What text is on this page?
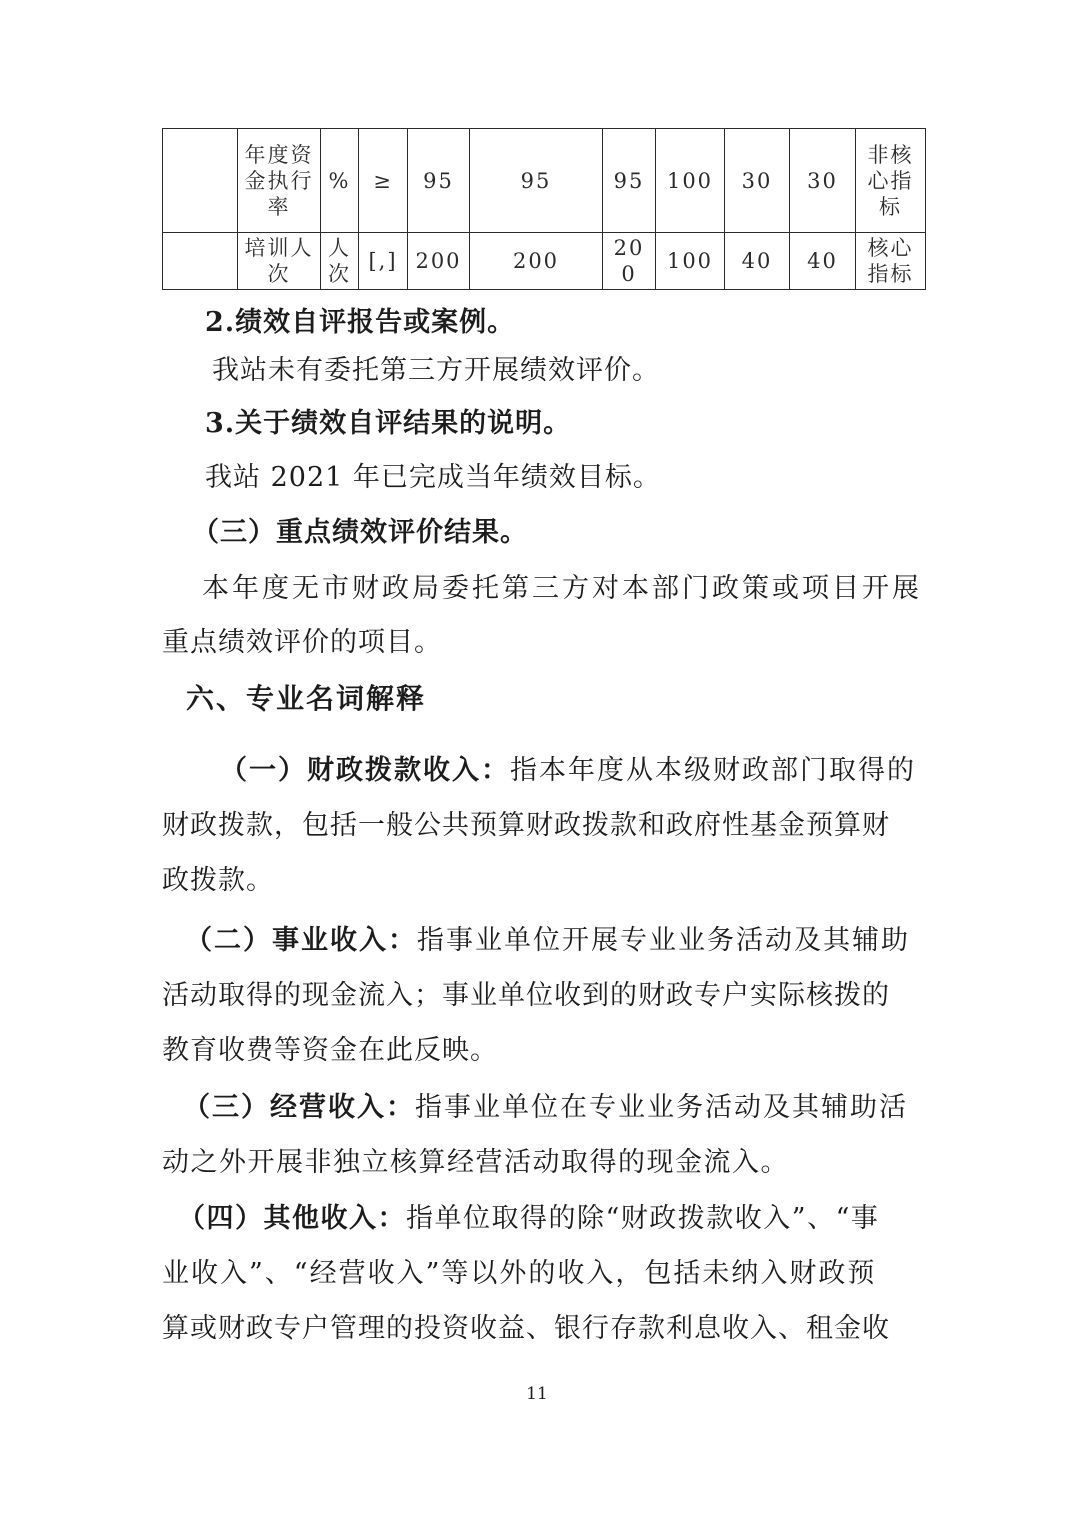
	年度资金执行率	%	≥	95	95	95	100	30	30	非核心指标
	培训人次	人次	[,]	200	200	200	100	40	40	核心指标
2.绩效自评报告或案例。
我站未有委托第三方开展绩效评价。
3.关于绩效自评结果的说明。
我站 2021 年已完成当年绩效目标。
（三）重点绩效评价结果。
本年度无市财政局委托第三方对本部门政策或项目开展
重点绩效评价的项目。
六、专业名词解释
（一）财政拨款收入：指本年度从本级财政部门取得的
财政拨款，包括一般公共预算财政拨款和政府性基金预算财
政拨款。
（二）事业收入：指事业单位开展专业业务活动及其辅助
活动取得的现金流入；事业单位收到的财政专户实际核拨的
教育收费等资金在此反映。
（三）经营收入：指事业单位在专业业务活动及其辅助活
动之外开展非独立核算经营活动取得的现金流入。
（四）其他收入：指单位取得的除“财政拨款收入”、“事
业收入”、“经营收入”等以外的收入，包括未纳入财政预
算或财政专户管理的投资收益、银行存款利息收入、租金收
11
